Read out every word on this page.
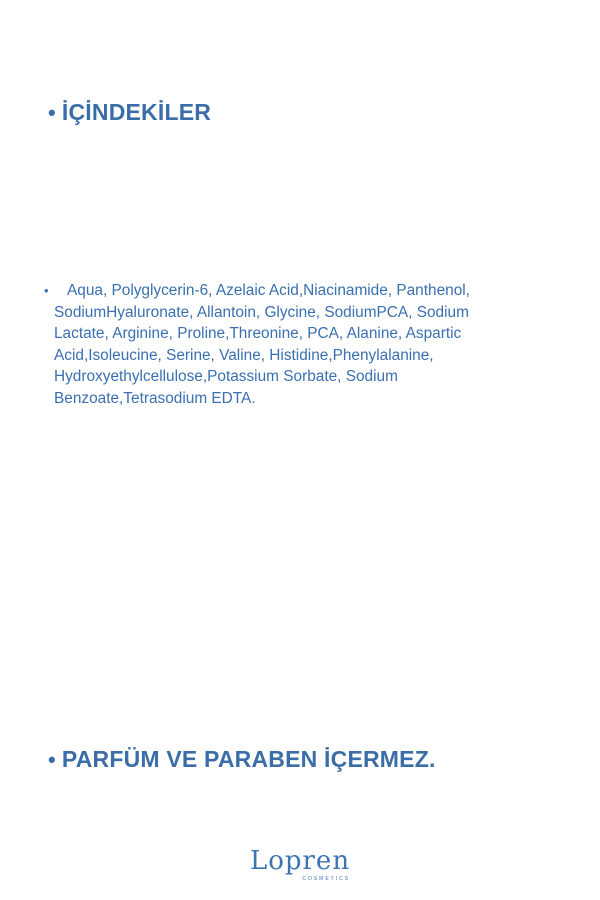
• İÇİNDEKİLER
•	Aqua, Polyglycerin-6, Azelaic Acid,Niacinamide, Panthenol, SodiumHyaluronate, Allantoin, Glycine, SodiumPCA, Sodium Lactate, Arginine, Proline,Threonine, PCA, Alanine, Aspartic Acid,Isoleucine, Serine, Valine, Histidine,Phenylalanine, Hydroxyethylcellulose,Potassium Sorbate, Sodium Benzoate,Tetrasodium EDTA.
• PARFÜM VE PARABEN İÇERMEZ.
Lopren
COSMETICS
